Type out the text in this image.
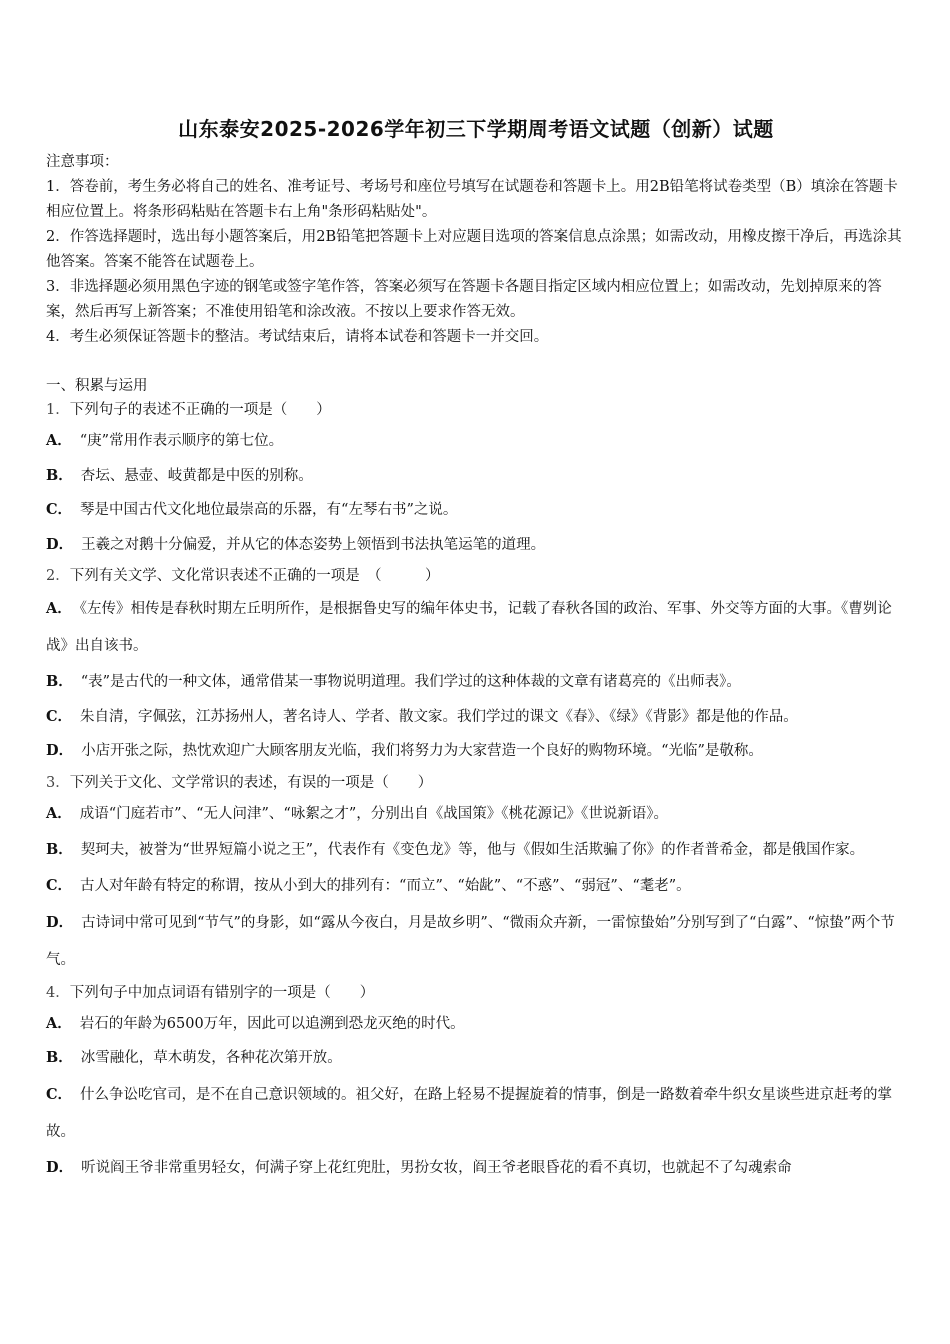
山东泰安2025-2026学年初三下学期周考语文试题（创新）试题

注意事项：

1．答卷前，考生务必将自己的姓名、准考证号、考场号和座位号填写在试题卷和答题卡上。用2B铅笔将试卷类型（B）填涂在答题卡相应位置上。将条形码粘贴在答题卡右上角"条形码粘贴处"。

2．作答选择题时，选出每小题答案后，用2B铅笔把答题卡上对应题目选项的答案信息点涂黑；如需改动，用橡皮擦干净后，再选涂其他答案。答案不能答在试题卷上。

3．非选择题必须用黑色字迹的钢笔或签字笔作答，答案必须写在答题卡各题目指定区域内相应位置上；如需改动，先划掉原来的答案，然后再写上新答案；不准使用铅笔和涂改液。不按以上要求作答无效。

4．考生必须保证答题卡的整洁。考试结束后，请将本试卷和答题卡一并交回。

一、积累与运用

1．下列句子的表述不正确的一项是（　　）

A． “庚”常用作表示顺序的第七位。

B． 杏坛、悬壶、岐黄都是中医的别称。

C． 琴是中国古代文化地位最崇高的乐器，有“左琴右书”之说。

D． 王羲之对鹅十分偏爱，并从它的体态姿势上领悟到书法执笔运笔的道理。

2．下列有关文学、文化常识表述不正确的一项是　（　　　）

A． 《左传》相传是春秋时期左丘明所作，是根据鲁史写的编年体史书，记载了春秋各国的政治、军事、外交等方面的大事。《曹刿论战》出自该书。

B． “表”是古代的一种文体，通常借某一事物说明道理。我们学过的这种体裁的文章有诸葛亮的《出师表》。

C． 朱自清，字佩弦，江苏扬州人，著名诗人、学者、散文家。我们学过的课文《春》、《绿》《背影》都是他的作品。

D． 小店开张之际，热忱欢迎广大顾客朋友光临，我们将努力为大家营造一个良好的购物环境。“光临”是敬称。

3．下列关于文化、文学常识的表述，有误的一项是（　　）

A． 成语“门庭若市”、“无人问津”、“咏絮之才”，分别出自《战国策》《桃花源记》《世说新语》。

B． 契珂夫，被誉为“世界短篇小说之王”，代表作有《变色龙》等，他与《假如生活欺骗了你》的作者普希金，都是俄国作家。

C． 古人对年龄有特定的称谓，按从小到大的排列有：“而立”、“始龀”、“不惑”、“弱冠”、“耄老”。

D． 古诗词中常可见到“节气”的身影，如“露从今夜白，月是故乡明”、“微雨众卉新，一雷惊蛰始”分别写到了“白露”、“惊蛰”两个节气。

4．下列句子中加点词语有错别字的一项是（　　）

A． 岩石的年龄为6500万年，因此可以追溯到恐龙灭绝的时代。

B． 冰雪融化，草木萌发，各种花次第开放。

C． 什么争讼吃官司，是不在自己意识领域的。祖父好，在路上轻易不提握旋着的情事，倒是一路数着牵牛织女星谈些进京赶考的掌故。

D． 听说阎王爷非常重男轻女，何满子穿上花红兜肚，男扮女妆，阎王爷老眼昏花的看不真切，也就起不了勾魂索命
